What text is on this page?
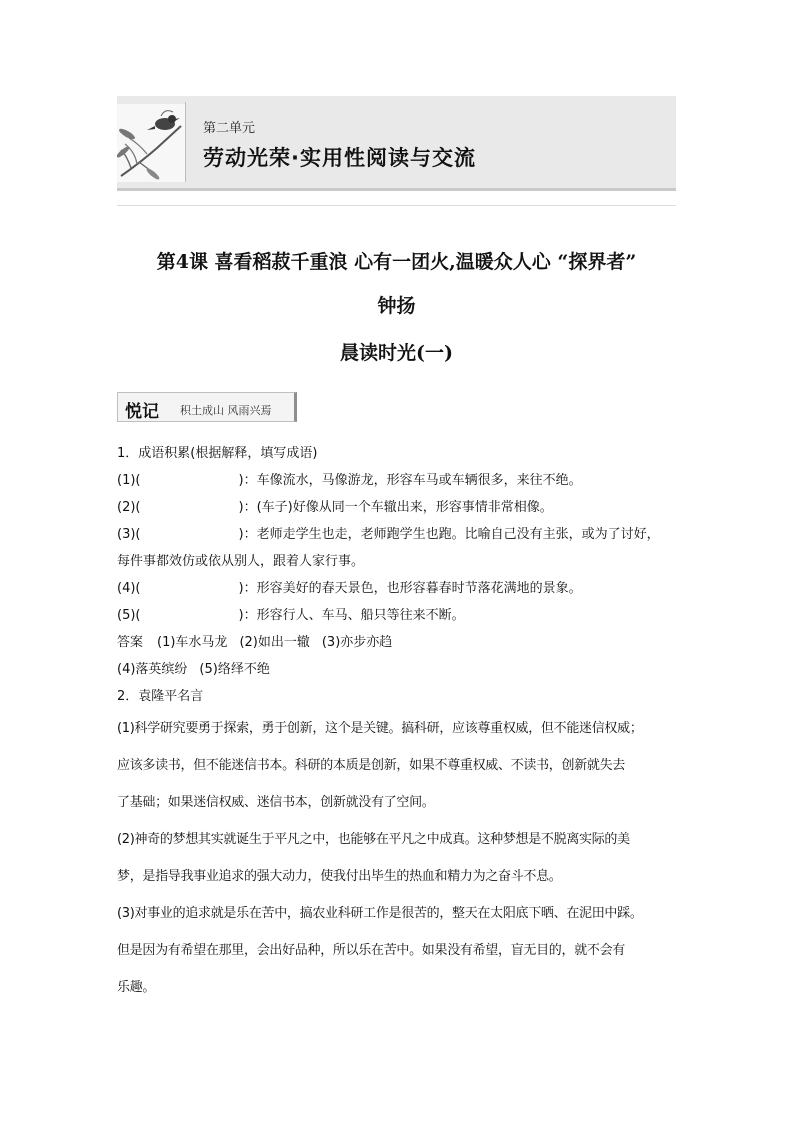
第二单元
劳动光荣·实用性阅读与交流
第4课 喜看稻菽千重浪 心有一团火,温暖众人心 “探界者”
钟扬
晨读时光(一)
悦记 积土成山 风雨兴焉
1．成语积累(根据解释，填写成语)
(1)(	)：车像流水，马像游龙，形容车马或车辆很多，来往不绝。
(2)(	)：(车子)好像从同一个车辙出来，形容事情非常相像。
(3)(	)：老师走学生也走，老师跑学生也跑。比喻自己没有主张，或为了讨好，
每件事都效仿或依从别人，跟着人家行事。
(4)(	)：形容美好的春天景色，也形容暮春时节落花满地的景象。
(5)(	)：形容行人、车马、船只等往来不断。
答案 (1)车水马龙 (2)如出一辙 (3)亦步亦趋
(4)落英缤纷 (5)络绎不绝
2．袁隆平名言
(1)科学研究要勇于探索，勇于创新，这个是关键。搞科研，应该尊重权威，但不能迷信权威；
应该多读书，但不能迷信书本。科研的本质是创新，如果不尊重权威、不读书，创新就失去
了基础；如果迷信权威、迷信书本，创新就没有了空间。
(2)神奇的梦想其实就诞生于平凡之中，也能够在平凡之中成真。这种梦想是不脱离实际的美
梦，是指导我事业追求的强大动力，使我付出毕生的热血和精力为之奋斗不息。
(3)对事业的追求就是乐在苦中，搞农业科研工作是很苦的，整天在太阳底下晒、在泥田中踩。
但是因为有希望在那里，会出好品种，所以乐在苦中。如果没有希望，盲无目的，就不会有
乐趣。
